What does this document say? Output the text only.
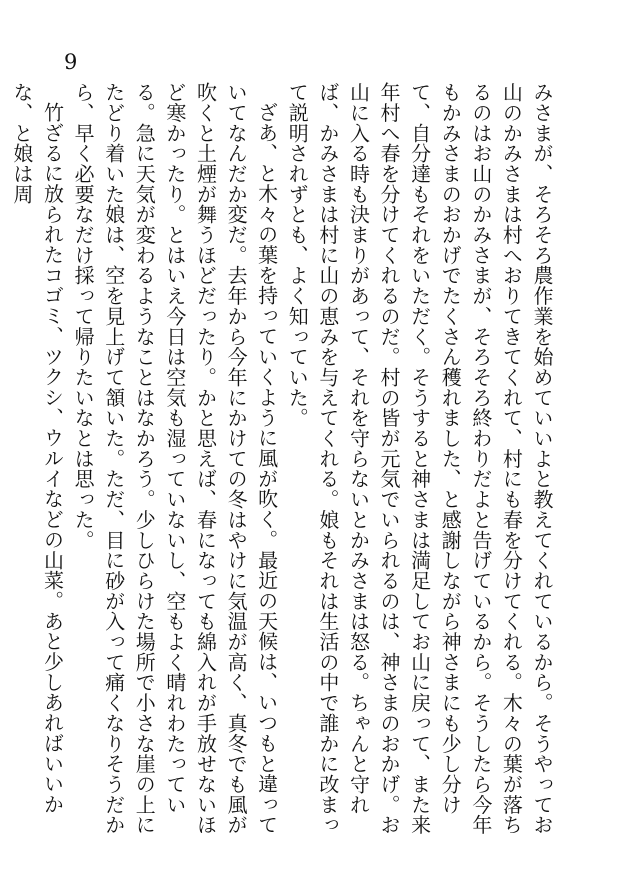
9

みさまが、そろそろ農作業を始めていいよと教えてくれているから。そうやってお山のかみさまは村へおりてきてくれて、村にも春を分けてくれる。木々の葉が落ちるのはお山のかみさまが、そろそろ終わりだよと告げているから。そうしたら今年もかみさまのおかげでたくさん穫れました、と感謝しながら神さまにも少し分けて、自分達もそれをいただく。そうすると神さまは満足してお山に戻って、また来年村へ春を分けてくれるのだ。村の皆が元気でいられるのは、神さまのおかげ。お山に入る時も決まりがあって、それを守らないとかみさまは怒る。ちゃんと守れば、かみさまは村に山の恵みを与えてくれる。娘もそれは生活の中で誰かに改まって説明されずとも、よく知っていた。

ざあ、と木々の葉を持っていくように風が吹く。最近の天候は、いつもと違っていてなんだか変だ。去年から今年にかけての冬はやけに気温が高く、真冬でも風が吹くと土煙が舞うほどだったり。かと思えば、春になっても綿入れが手放せないほど寒かったり。とはいえ今日は空気も湿っていないし、空もよく晴れわたっている。急に天気が変わるようなことはなかろう。少しひらけた場所で小さな崖の上にたどり着いた娘は、空を見上げて頷いた。ただ、目に砂が入って痛くなりそうだから、早く必要なだけ採って帰りたいなとは思った。

竹ざるに放られたコゴミ、ツクシ、ウルイなどの山菜。あと少しあればいいかな、と娘は周
